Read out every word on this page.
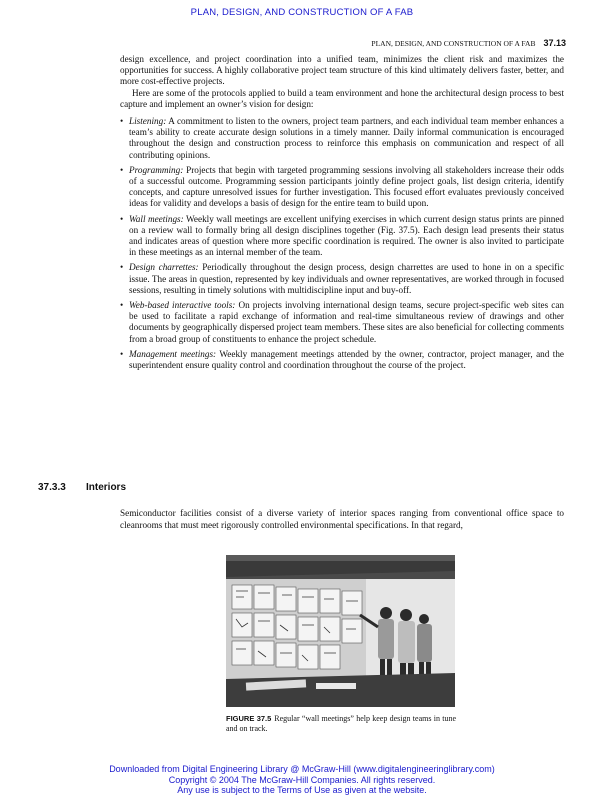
PLAN, DESIGN, AND CONSTRUCTION OF A FAB
PLAN, DESIGN, AND CONSTRUCTION OF A FAB 37.13

design excellence, and project coordination into a unified team, minimizes the client risk and maximizes the opportunities for success. A highly collaborative project team structure of this kind ultimately delivers faster, better, and more cost-effective projects.

Here are some of the protocols applied to build a team environment and hone the architectural design process to best capture and implement an owner’s vision for design:

• Listening: A commitment to listen to the owners, project team partners, and each individual team member enhances a team’s ability to create accurate design solutions in a timely manner. Daily informal communication is encouraged throughout the design and construction process to reinforce this emphasis on communication and respect of all contributing opinions.
• Programming: Projects that begin with targeted programming sessions involving all stakeholders increase their odds of a successful outcome. Programming session participants jointly define project goals, list design criteria, identify concepts, and capture unresolved issues for further investigation. This focused effort evaluates previously conceived ideas for validity and develops a basis of design for the entire team to build upon.
• Wall meetings: Weekly wall meetings are excellent unifying exercises in which current design status prints are pinned on a review wall to formally bring all design disciplines together (Fig. 37.5). Each design lead presents their status and indicates areas of question where more specific coordination is required. The owner is also invited to participate in these meetings as an internal member of the team.
• Design charrettes: Periodically throughout the design process, design charrettes are used to hone in on a specific issue. The areas in question, represented by key individuals and owner representatives, are worked through in focused sessions, resulting in timely solutions with multidiscipline input and buy-off.
• Web-based interactive tools: On projects involving international design teams, secure project-specific web sites can be used to facilitate a rapid exchange of information and real-time simultaneous review of drawings and other documents by geographically dispersed project team members. These sites are also beneficial for collecting comments from a broad group of constituents to enhance the project schedule.
• Management meetings: Weekly management meetings attended by the owner, contractor, project manager, and the superintendent ensure quality control and coordination throughout the course of the project.
37.3.3 Interiors
Semiconductor facilities consist of a diverse variety of interior spaces ranging from conventional office space to cleanrooms that must meet rigorously controlled environmental specifications. In that regard,
FIGURE 37.5 Regular “wall meetings” help keep design teams in tune and on track.
Downloaded from Digital Engineering Library @ McGraw-Hill (www.digitalengineeringlibrary.com)
Copyright © 2004 The McGraw-Hill Companies. All rights reserved.
Any use is subject to the Terms of Use as given at the website.
